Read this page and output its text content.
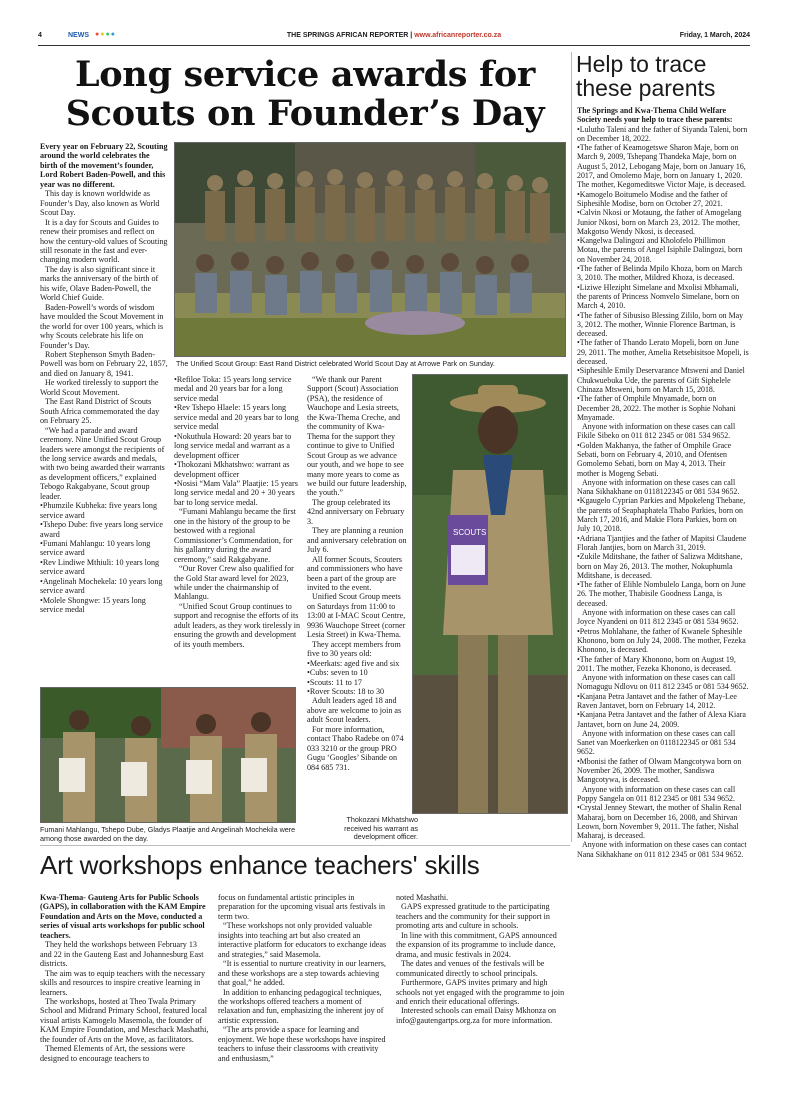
4	NEWS ●●●●	THE SPRINGS AFRICAN REPORTER | www.africanreporter.co.za	Friday, 1 March, 2024
Long service awards for Scouts on Founder’s Day

Every year on February 22, Scouting around the world celebrates the birth of the movement’s founder, Lord Robert Baden-Powell, and this year was no different.

This day is known worldwide as Founder’s Day, also known as World Scout Day.

It is a day for Scouts and Guides to renew their promises and reflect on how the century-old values of Scouting still resonate in the fast and ever-changing modern world.

The day is also significant since it marks the anniversary of the birth of his wife, Olave Baden-Powell, the World Chief Guide.

Baden-Powell’s words of wisdom have moulded the Scout Movement in the world for over 100 years, which is why Scouts celebrate his life on Founder’s Day.

Robert Stephenson Smyth Baden-Powell was born on February 22, 1857, and died on January 8, 1941.

He worked tirelessly to support the World Scout Movement.

The East Rand District of Scouts South Africa commemorated the day on February 25.

“We had a parade and award ceremony. Nine Unified Scout Group leaders were amongst the recipients of the long service awards and medals, with two being awarded their warrants as development officers,” explained Tebogo Rakgabyane, Scout group leader.

• Phumzile Kubheka: five years long service award

• Tshepo Dube: five years long service award

• Fumani Mahlangu: 10 years long service award

• Rev Lindiwe Mthiuli: 10 years long service award

• Angelinah Mochekela: 10 years long service award

• Molele Shongwe: 15 years long service medal

The Unified Scout Group: East Rand District celebrated World Scout Day at Arrowe Park on Sunday.

• Refiloe Toka: 15 years long service medal and 20 years bar for a long service medal

• Rev Tshepo Hlaele: 15 years long service medal and 20 years bar to long service medal

• Nokuthula Howard: 20 years bar to long service medal and warrant as a development officer

• Thokozani Mkhatshwo: warrant as development officer

• Nosisi “Mam Vala” Plaatjie: 15 years long service medal and 20 + 30 years bar to long service medal.

“Fumani Mahlangu became the first one in the history of the group to be bestowed with a regional Commissioner’s Commendation, for his gallantry during the award ceremony,” said Rakgabyane.

“Our Rover Crew also qualified for the Gold Star award level for 2023, while under the chairmanship of Mahlangu.

“Unified Scout Group continues to support and recognise the efforts of its adult leaders, as they work tirelessly in ensuring the growth and development of its youth members.

“We thank our Parent Support (Scout) Association (PSA), the residence of Wauchope and Lesia streets, the Kwa-Thema Creche, and the community of Kwa-Thema for the support they continue to give to Unified Scout Group as we advance our youth, and we hope to see many more years to come as we build our future leadership, the youth.”

The group celebrated its 42nd anniversary on February 3.

They are planning a reunion and anniversary celebration on July 6.

All former Scouts, Scouters and commissioners who have been a part of the group are invited to the event.

Unified Scout Group meets on Saturdays from 11:00 to 13:00 at I-MAC Scout Centre, 9936 Wauchope Street (corner Lesia Street) in Kwa-Thema.

They accept members from five to 30 years old:

• Meerkats: aged five and six

• Cubs: seven to 10

• Scouts: 11 to 17

• Rover Scouts: 18 to 30

Adult leaders aged 18 and above are welcome to join as adult Scout leaders.

For more information, contact Thabo Radebe on 074 033 3210 or the group PRO Gugu ‘Googles’ Sibande on 084 685 731.

SCOUTS
Fumani Mahlangu, Tshepo Dube, Gladys Plaatjie and Angelinah Mochekila were among those awarded on the day.
Thokozani Mkhatshwo received his warrant as development officer.
Help to trace these parents

The Springs and Kwa-Thema Child Welfare Society needs your help to trace these parents:

• Lulutho Taleni and the father of Siyanda Taleni, born on December 18, 2022.

• The father of Keamogetswe Sharon Maje, born on March 9, 2009, Tshepang Thandeka Maje, born on August 5, 2012, Lebogang Maje, born on January 16, 2017, and Omolemo Maje, born on January 1, 2020. The mother, Kegomeditswe Victor Maje, is deceased.

• Kamogelo Boitumelo Modise and the father of Siphesihle Modise, born on October 27, 2021.

• Calvin Nkosi or Motaung, the father of Amogelang Junior Nkosi, born on March 23, 2012. The mother, Makgotso Wendy Nkosi, is deceased.

• Kangelwa Dalingozi and Kholofelo Phillimon Motau, the parents of Angel Isiphile Dalingozi, born on November 24, 2018.

• The father of Belinda Mpilo Khoza, born on March 3, 2010. The mother, Mildred Khoza, is deceased.

• Liziwe Hlezipht Simelane and Mxolisi Mbhamali, the parents of Princess Nomvelo Simelane, born on March 4, 2010.

• The father of Sibusiso Blessing Zililo, born on May 3, 2012. The mother, Winnie Florence Bartman, is deceased.

• The father of Thando Lerato Mopeli, born on June 29, 2011. The mother, Amelia Retsebisitsoe Mopeli, is deceased.

• Siphesihle Emily Deservarance Mtsweni and Daniel Chukwuebuka Ude, the parents of Gift Siphelele Chinaza Mtsweni, born on March 15, 2018.

• The father of Omphile Mnyamade, born on December 28, 2022. The mother is Sophie Nohani Mnyamade.

Anyone with information on these cases can call Fikile Sibeko on 011 812 2345 or 081 534 9652.

• Golden Makhanya, the father of Omphile Grace Sebati, born on February 4, 2010, and Ofentsen Gomolemo Sebati, born on May 4, 2013. Their mother is Mogeng Sebati.

Anyone with information on these cases can call Nana Sikhakhane on 0118122345 or 081 534 9652.

• Kgaugelo Cyprian Parkies and Mpokeleng Thebane, the parents of Seaphaphatela Thabo Parkies, born on March 17, 2016, and Makie Flora Parkies, born on July 10, 2018.

• Adriana Tjantjies and the father of Mapitsi Claudene Florah Jantjies, born on March 31, 2019.

• Zukile Mditshane, the father of Salizwa Mditshane, born on May 26, 2013. The mother, Nokuphumla Mditshane, is deceased.

• The father of Elihle Nombulelo Langa, born on June 26. The mother, Thabisile Goodness Langa, is deceased.

Anyone with information on these cases can call Joyce Nyandeni on 011 812 2345 or 081 534 9652.

• Petros Mohlahane, the father of Kwanele Sphesihle Khonono, born on July 24, 2008. The mother, Fezeka Khonono, is deceased.

• The father of Mary Khonono, born on August 19, 2011. The mother, Fezeka Khonono, is deceased.

Anyone with information on these cases can call Nomagugu Ndlovu on 011 812 2345 or 081 534 9652.

• Kanjana Petra Jantavet and the father of May-Lee Raven Jantavet, born on February 14, 2012.

• Kanjana Petra Jantavet and the father of Alexa Kiara Jantavet, born on June 24, 2009.

Anyone with information on these cases can call Sanet van Moerkerken on 0118122345 or 081 534 9652.

• Mbonisi the father of Olwam Mangcotywa born on November 26, 2009. The mother, Sandiswa Mangcotywa, is deceased.

Anyone with information on these cases can call Poppy Sangela on 011 812 2345 or 081 534 9652.

• Crystal Jenney Stewart, the mother of Shalin Renal Maharaj, born on December 16, 2008, and Shirvan Leown, born November 9, 2011. The father, Nishal Maharaj, is deceased.

Anyone with information on these cases can contact Nana Sikhakhane on 011 812 2345 or 081 534 9652.

Art workshops enhance teachers' skills

Kwa-Thema- Gauteng Arts for Public Schools (GAPS), in collaboration with the KAM Empire Foundation and Arts on the Move, conducted a series of visual arts workshops for public school teachers.

They held the workshops between February 13 and 22 in the Gauteng East and Johannesburg East districts.

The aim was to equip teachers with the necessary skills and resources to inspire creative learning in learners.

The workshops, hosted at Theo Twala Primary School and Midrand Primary School, featured local visual artists Kamogelo Masemola, the founder of KAM Empire Foundation, and Meschack Mashathi, the founder of Arts on the Move, as facilitators.

Themed Elements of Art, the sessions were designed to encourage teachers to

focus on fundamental artistic principles in preparation for the upcoming visual arts festivals in term two.

“These workshops not only provided valuable insights into teaching art but also created an interactive platform for educators to exchange ideas and strategies,” said Masemola.

“It is essential to nurture creativity in our learners, and these workshops are a step towards achieving that goal,” he added.

In addition to enhancing pedagogical techniques, the workshops offered teachers a moment of relaxation and fun, emphasizing the inherent joy of artistic expression.

“The arts provide a space for learning and enjoyment. We hope these workshops have inspired teachers to infuse their classrooms with creativity and enthusiasm,”

noted Mashathi.

GAPS expressed gratitude to the participating teachers and the community for their support in promoting arts and culture in schools.

In line with this commitment, GAPS announced the expansion of its programme to include dance, drama, and music festivals in 2024.

The dates and venues of the festivals will be communicated directly to school principals.

Furthermore, GAPS invites primary and high schools not yet engaged with the programme to join and enrich their educational offerings.

Interested schools can email Daisy Mkhonza on info@gautengartps.org.za for more information.
